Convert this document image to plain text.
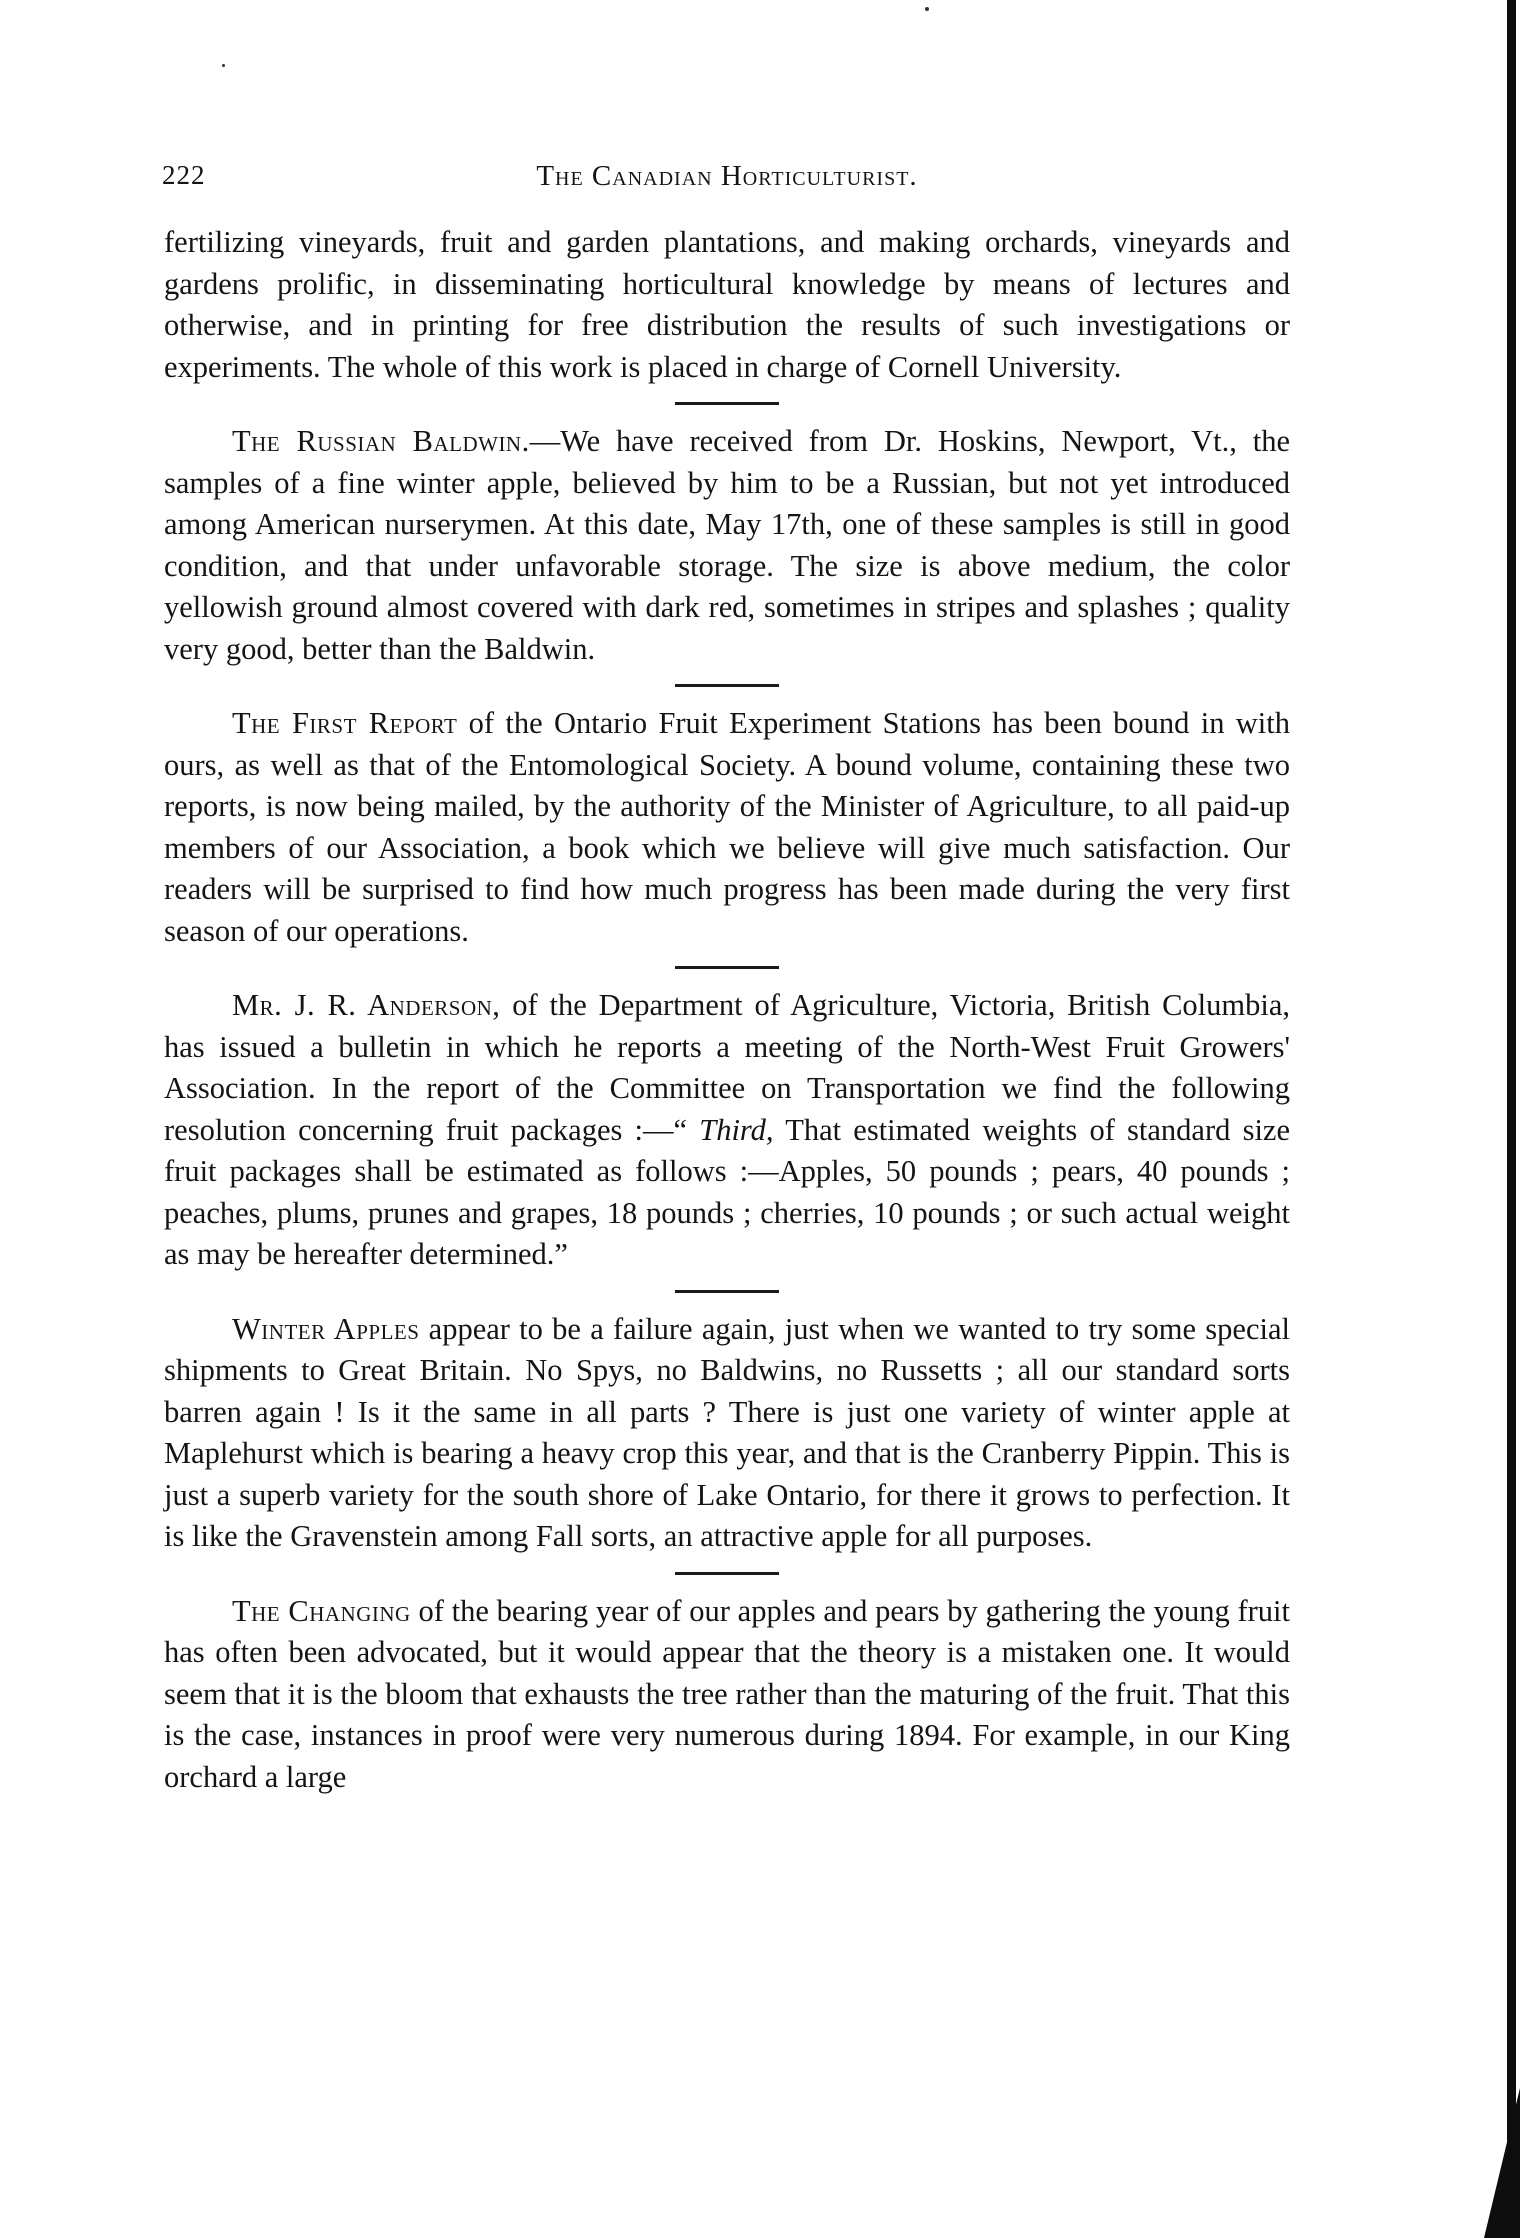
222	The Canadian Horticulturist.

fertilizing vineyards, fruit and garden plantations, and making orchards, vineyards and gardens prolific, in disseminating horticultural knowledge by means of lectures and otherwise, and in printing for free distribution the results of such investigations or experiments. The whole of this work is placed in charge of Cornell University.

The Russian Baldwin.—We have received from Dr. Hoskins, Newport, Vt., the samples of a fine winter apple, believed by him to be a Russian, but not yet introduced among American nurserymen. At this date, May 17th, one of these samples is still in good condition, and that under unfavorable storage. The size is above medium, the color yellowish ground almost covered with dark red, sometimes in stripes and splashes ; quality very good, better than the Baldwin.

The First Report of the Ontario Fruit Experiment Stations has been bound in with ours, as well as that of the Entomological Society. A bound volume, containing these two reports, is now being mailed, by the authority of the Minister of Agriculture, to all paid-up members of our Association, a book which we believe will give much satisfaction. Our readers will be surprised to find how much progress has been made during the very first season of our operations.

Mr. J. R. Anderson, of the Department of Agriculture, Victoria, British Columbia, has issued a bulletin in which he reports a meeting of the North-West Fruit Growers' Association. In the report of the Committee on Transportation we find the following resolution concerning fruit packages :—“ Third, That estimated weights of standard size fruit packages shall be estimated as follows :—Apples, 50 pounds ; pears, 40 pounds ; peaches, plums, prunes and grapes, 18 pounds ; cherries, 10 pounds ; or such actual weight as may be hereafter determined.”

Winter Apples appear to be a failure again, just when we wanted to try some special shipments to Great Britain. No Spys, no Baldwins, no Russetts ; all our standard sorts barren again ! Is it the same in all parts ? There is just one variety of winter apple at Maplehurst which is bearing a heavy crop this year, and that is the Cranberry Pippin. This is just a superb variety for the south shore of Lake Ontario, for there it grows to perfection. It is like the Gravenstein among Fall sorts, an attractive apple for all purposes.

The Changing of the bearing year of our apples and pears by gathering the young fruit has often been advocated, but it would appear that the theory is a mistaken one. It would seem that it is the bloom that exhausts the tree rather than the maturing of the fruit. That this is the case, instances in proof were very numerous during 1894. For example, in our King orchard a large
